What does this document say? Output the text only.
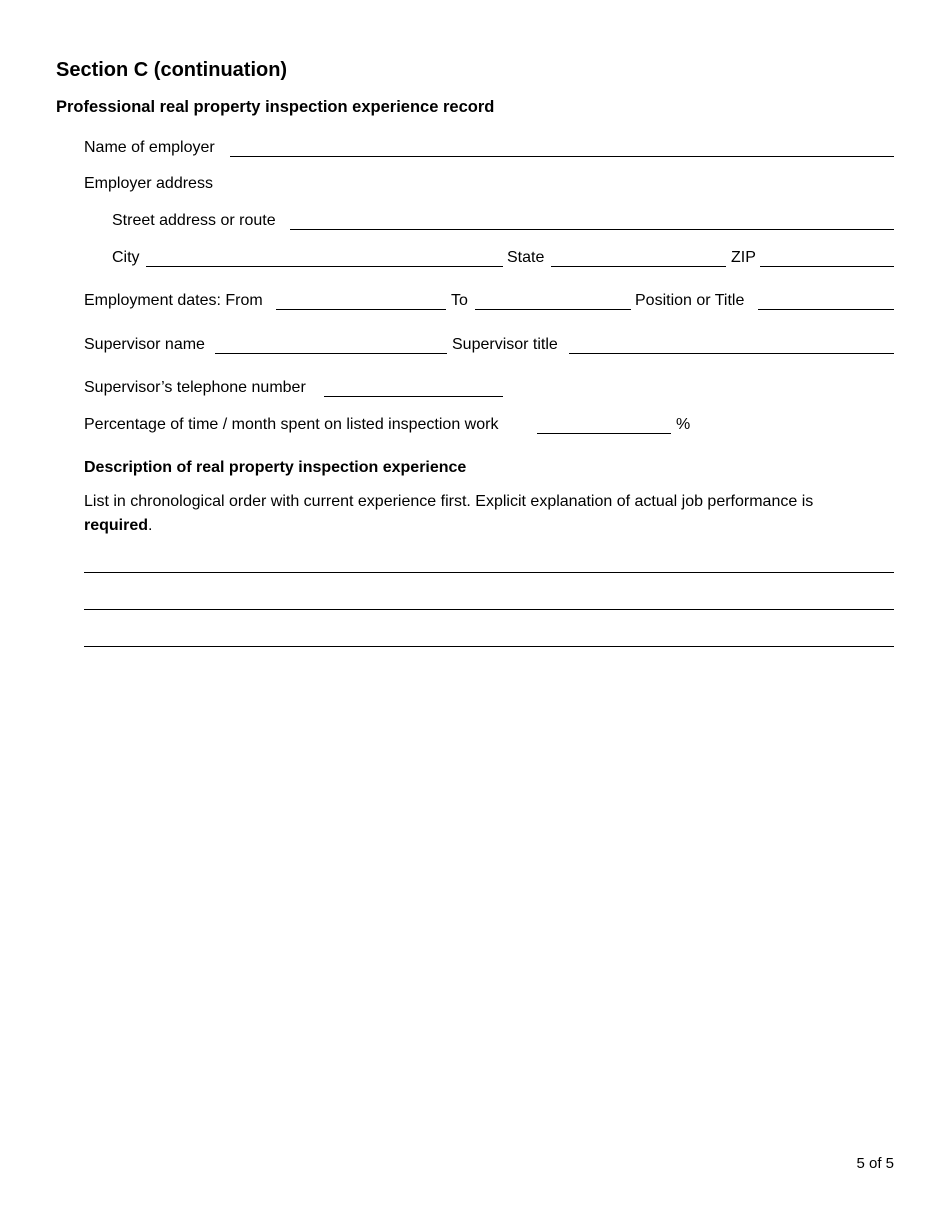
Section C (continuation)
Professional real property inspection experience record
Name of employer
Employer address
Street address or route
City	State	ZIP
Employment dates: From	To	Position or Title
Supervisor name	Supervisor title
Supervisor’s telephone number
Percentage of time / month spent on listed inspection work	%
Description of real property inspection experience
List in chronological order with current experience first. Explicit explanation of actual job performance is required.
5 of 5
